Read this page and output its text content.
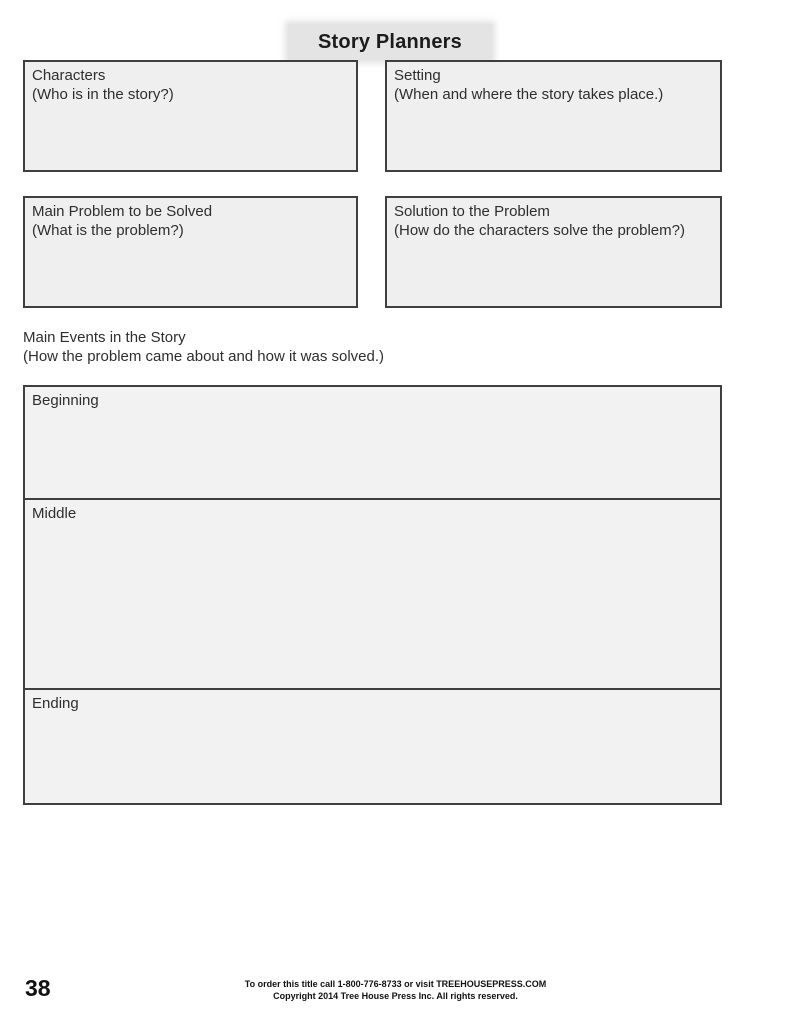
Story Planners
Characters
(Who is in the story?)
Setting
(When and where the story takes place.)
Main Problem to be Solved
(What is the problem?)
Solution to the Problem
(How do the characters solve the problem?)
Main Events in the Story
(How the problem came about and how it was solved.)
Beginning
Middle
Ending
38	To order this title call 1-800-776-8733 or visit TREEHOUSEPRESS.COM
Copyright 2014 Tree House Press Inc. All rights reserved.
